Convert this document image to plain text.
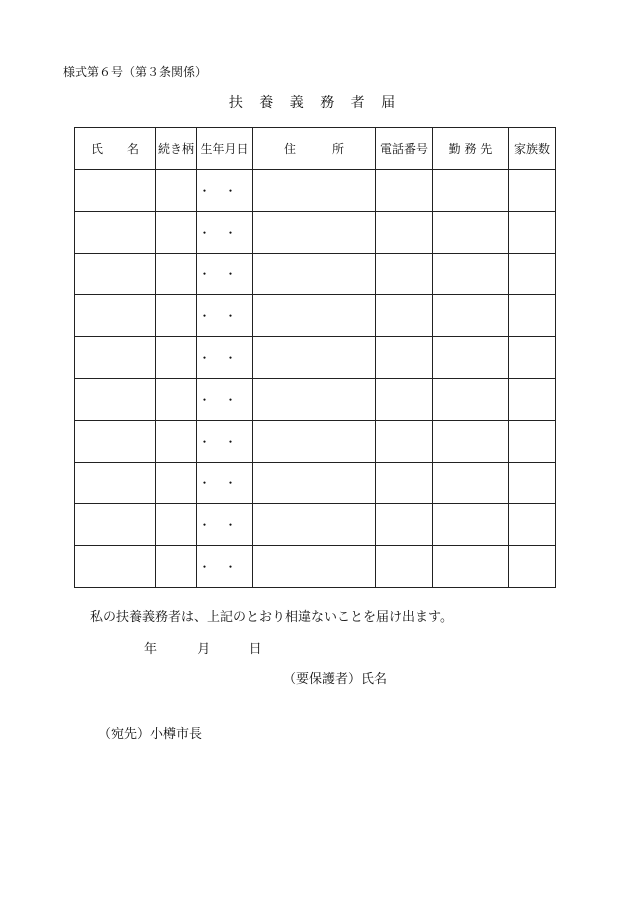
様式第６号（第３条関係）
扶 養 義 務 者 届
氏　　名	続き柄	生年月日	住　　　所	電話番号	勤 務 先	家族数
		・・				
		・・				
		・・				
		・・				
		・・				
		・・				
		・・				
		・・				
		・・				
		・・				
私の扶養義務者は、上記のとおり相違ないことを届け出ます。
年	月	日
（要保護者）氏名
（宛先）小樽市長
